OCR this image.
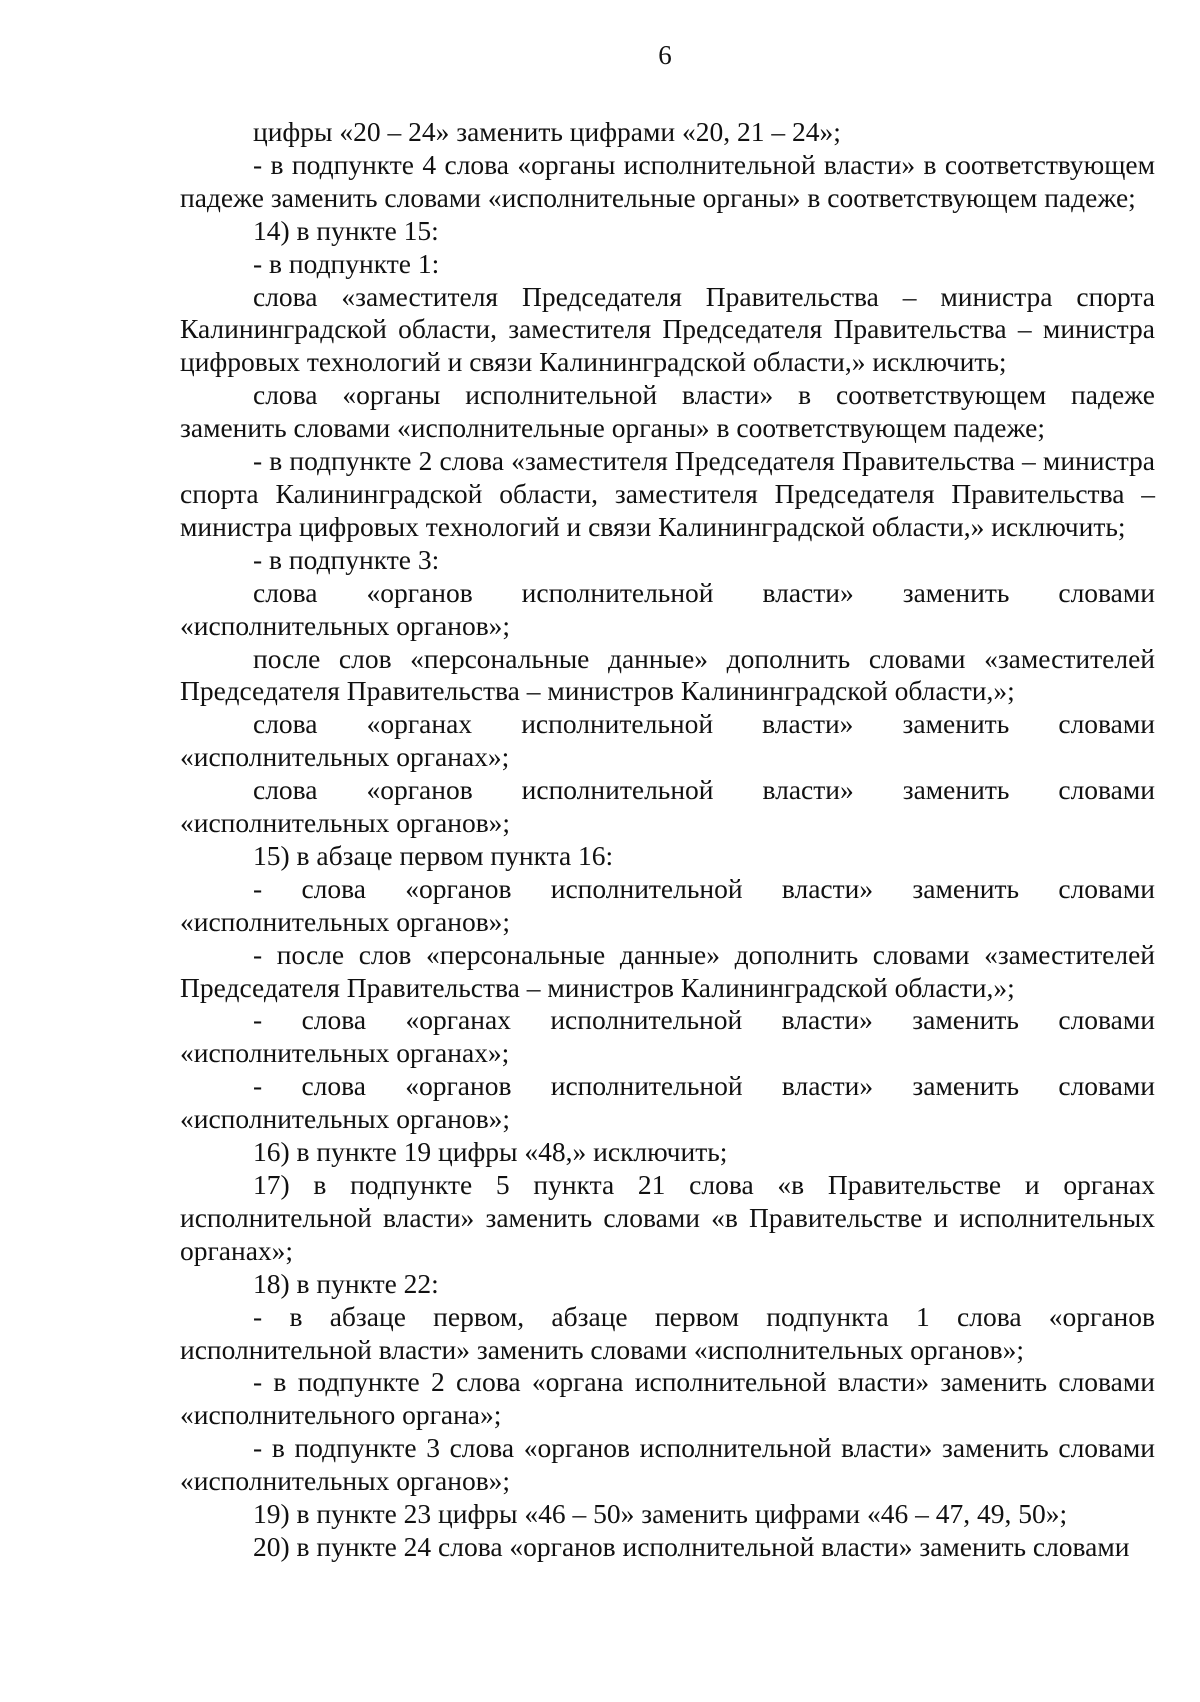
6

цифры «20 – 24» заменить цифрами «20, 21 – 24»;

- в подпункте 4 слова «органы исполнительной власти» в соответствующем падеже заменить словами «исполнительные органы» в соответствующем падеже;

14) в пункте 15:

- в подпункте 1:

слова «заместителя Председателя Правительства – министра спорта Калининградской области, заместителя Председателя Правительства – министра цифровых технологий и связи Калининградской области,» исключить;

слова «органы исполнительной власти» в соответствующем падеже заменить словами «исполнительные органы» в соответствующем падеже;

- в подпункте 2 слова «заместителя Председателя Правительства – министра спорта Калининградской области, заместителя Председателя Правительства – министра цифровых технологий и связи Калининградской области,» исключить;

- в подпункте 3:

слова «органов исполнительной власти» заменить словами «исполнительных органов»;

после слов «персональные данные» дополнить словами «заместителей Председателя Правительства – министров Калининградской области,»;

слова «органах исполнительной власти» заменить словами «исполнительных органах»;

слова «органов исполнительной власти» заменить словами «исполнительных органов»;

15) в абзаце первом пункта 16:

- слова «органов исполнительной власти» заменить словами «исполнительных органов»;

- после слов «персональные данные» дополнить словами «заместителей Председателя Правительства – министров Калининградской области,»;

- слова «органах исполнительной власти» заменить словами «исполнительных органах»;

- слова «органов исполнительной власти» заменить словами «исполнительных органов»;

16) в пункте 19 цифры «48,» исключить;

17) в подпункте 5 пункта 21 слова «в Правительстве и органах исполнительной власти» заменить словами «в Правительстве и исполнительных органах»;

18) в пункте 22:

- в абзаце первом, абзаце первом подпункта 1 слова «органов исполнительной власти» заменить словами «исполнительных органов»;

- в подпункте 2 слова «органа исполнительной власти» заменить словами «исполнительного органа»;

- в подпункте 3 слова «органов исполнительной власти» заменить словами «исполнительных органов»;

19) в пункте 23 цифры «46 – 50» заменить цифрами «46 – 47, 49, 50»;

20) в пункте 24 слова «органов исполнительной власти» заменить словами
